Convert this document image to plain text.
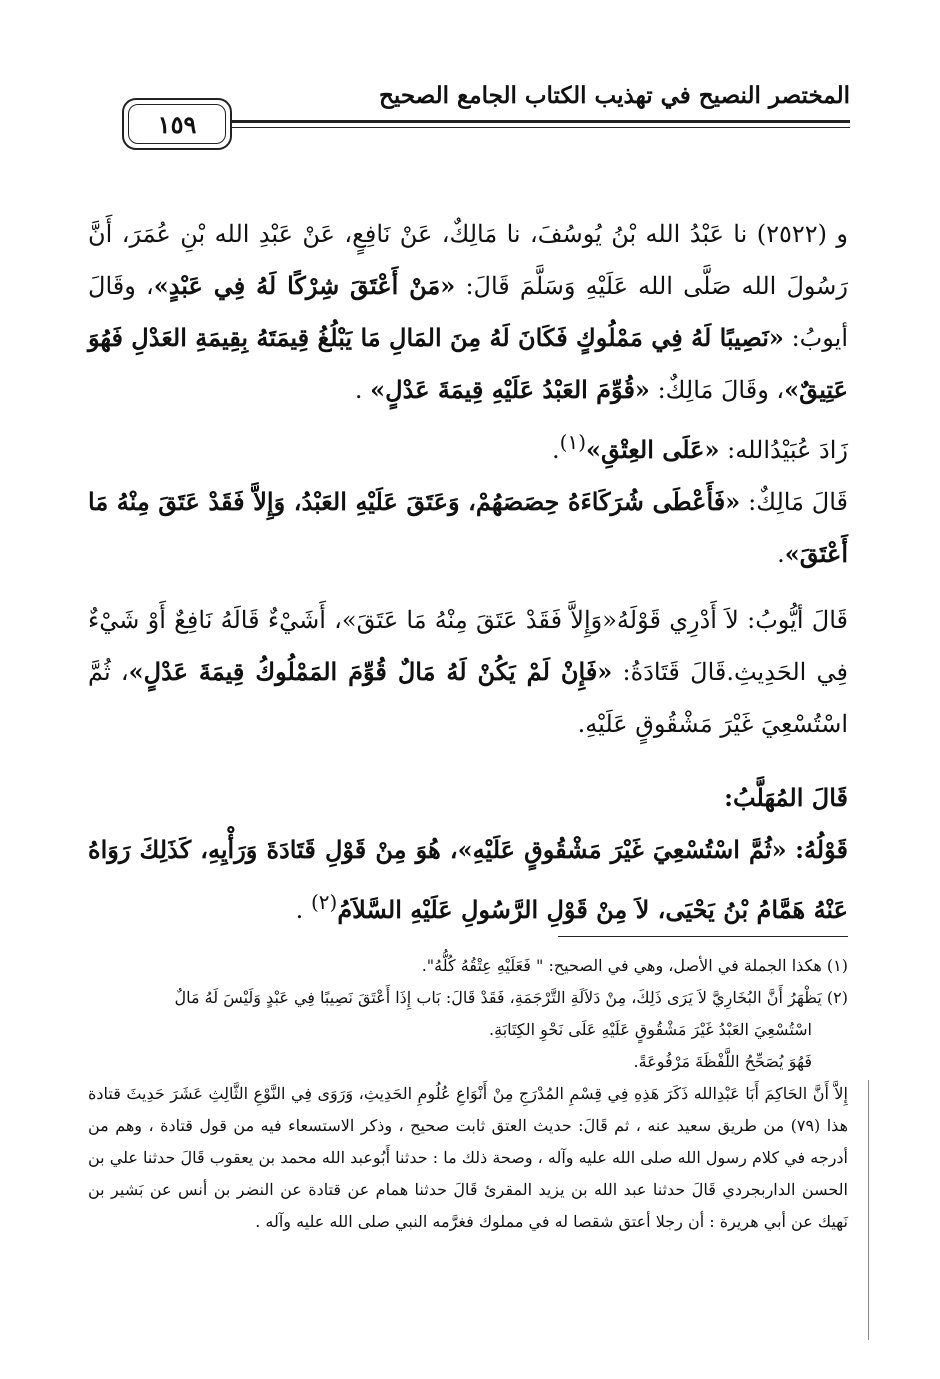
المختصر النصيح في تهذيب الكتاب الجامع الصحيح
١٥٩

و (٢٥٢٢) نا عَبْدُ الله بْنُ يُوسُفَ، نا مَالِكٌ، عَنْ نَافِعٍ، عَنْ عَبْدِ الله بْنِ عُمَرَ، أَنَّ رَسُولَ الله صَلَّى الله عَلَيْهِ وَسَلَّمَ قَالَ: «مَنْ أَعْتَقَ شِرْكًا لَهُ فِي عَبْدٍ»، وقَالَ أيوبُ: «نَصِيبًا لَهُ فِي مَمْلُوكٍ فَكَانَ لَهُ مِنَ المَالِ مَا يَبْلُغُ قِيمَتَهُ بِقِيمَةِ العَدْلِ فَهُوَ عَتِيقٌ»، وقَالَ مَالِكٌ: «قُوِّمَ العَبْدُ عَلَيْهِ قِيمَةَ عَدْلٍ» .

زَادَ عُبَيْدُالله: «عَلَى العِتْقِ»$^{(١)}$.

قَالَ مَالِكٌ: «فَأَعْطَى شُرَكَاءَهُ حِصَصَهُمْ، وَعَتَقَ عَلَيْهِ العَبْدُ، وَإِلاَّ فَقَدْ عَتَقَ مِنْهُ مَا أَعْتَقَ».

قَالَ أيُّوبُ: لاَ أَدْرِي قَوْلَهُ«وَإِلاَّ فَقَدْ عَتَقَ مِنْهُ مَا عَتَقَ»، أَشَيْءٌ قَالَهُ نَافِعٌ أَوْ شَيْءٌ فِي الحَدِيثِ.قَالَ قَتَادَةُ: «فَإِنْ لَمْ يَكُنْ لَهُ مَالٌ قُوِّمَ المَمْلُوكُ قِيمَةَ عَدْلٍ»، ثُمَّ اسْتُسْعِيَ غَيْرَ مَشْقُوقٍ عَلَيْهِ.

قَالَ المُهَلَّبُ:

قَوْلُهُ: «ثُمَّ اسْتُسْعِيَ غَيْرَ مَشْقُوقٍ عَلَيْهِ»، هُوَ مِنْ قَوْلِ قَتَادَةَ وَرَأْيِهِ، كَذَلِكَ رَوَاهُ عَنْهُ هَمَّامُ بْنُ يَحْيَى، لاَ مِنْ قَوْلِ الرَّسُولِ عَلَيْهِ السَّلاَمُ$^{(٢)}$ .

(١) هكذا الجملة في الأصل، وهي في الصحيح: " فَعَلَيْهِ عِتْقُهُ كُلُّهُ".

(٢) يَظْهَرُ أَنَّ البُخَارِيَّ لاَ يَرَى ذَلِكَ، مِنْ دَلاَلَةِ التَّرْجَمَةِ، فَقَدْ قَالَ: بَاب إِذَا أَعْتَقَ نَصِيبًا فِي عَبْدٍ وَلَيْسَ لَهُ مَالٌ

اسْتُسْعِيَ العَبْدُ غَيْرَ مَشْقُوقٍ عَلَيْهِ عَلَى نَحْوِ الكِتَابَةِ.

فَهُوَ يُصَحِّحُ اللَّفْظَةَ مَرْفُوعَةً.

إِلاَّ أَنَّ الحَاكِمَ أَبَا عَبْدِالله ذَكَرَ هَذِهِ فِي قِسْمِ المُدْرَجِ مِنْ أَنْوَاعِ عُلُومِ الحَدِيثِ، وَرَوَى فِي النَّوْعِ الثَّالِثِ عَشَرَ حَدِيثَ قتادة هذا (٧٩) من طريق سعيد عنه ، ثم قَالَ: حديث العتق ثابت صحيح ، وذكر الاستسعاء فيه من قول قتادة ، وهم من أدرجه في كلام رسول الله صلى الله عليه وآله ، وصحة ذلك ما : حدثنا أَبُوعبد الله محمد بن يعقوب قَالَ حدثنا علي بن الحسن الداربجردي قَالَ حدثنا عبد الله بن يزيد المقرئ قَالَ حدثنا همام عن قتادة عن النضر بن أنس عن بَشير بن نَهيك عن أبي هريرة : أن رجلا أعتق شقصا له في مملوك فغرَّمه النبي صلى الله عليه وآله .
